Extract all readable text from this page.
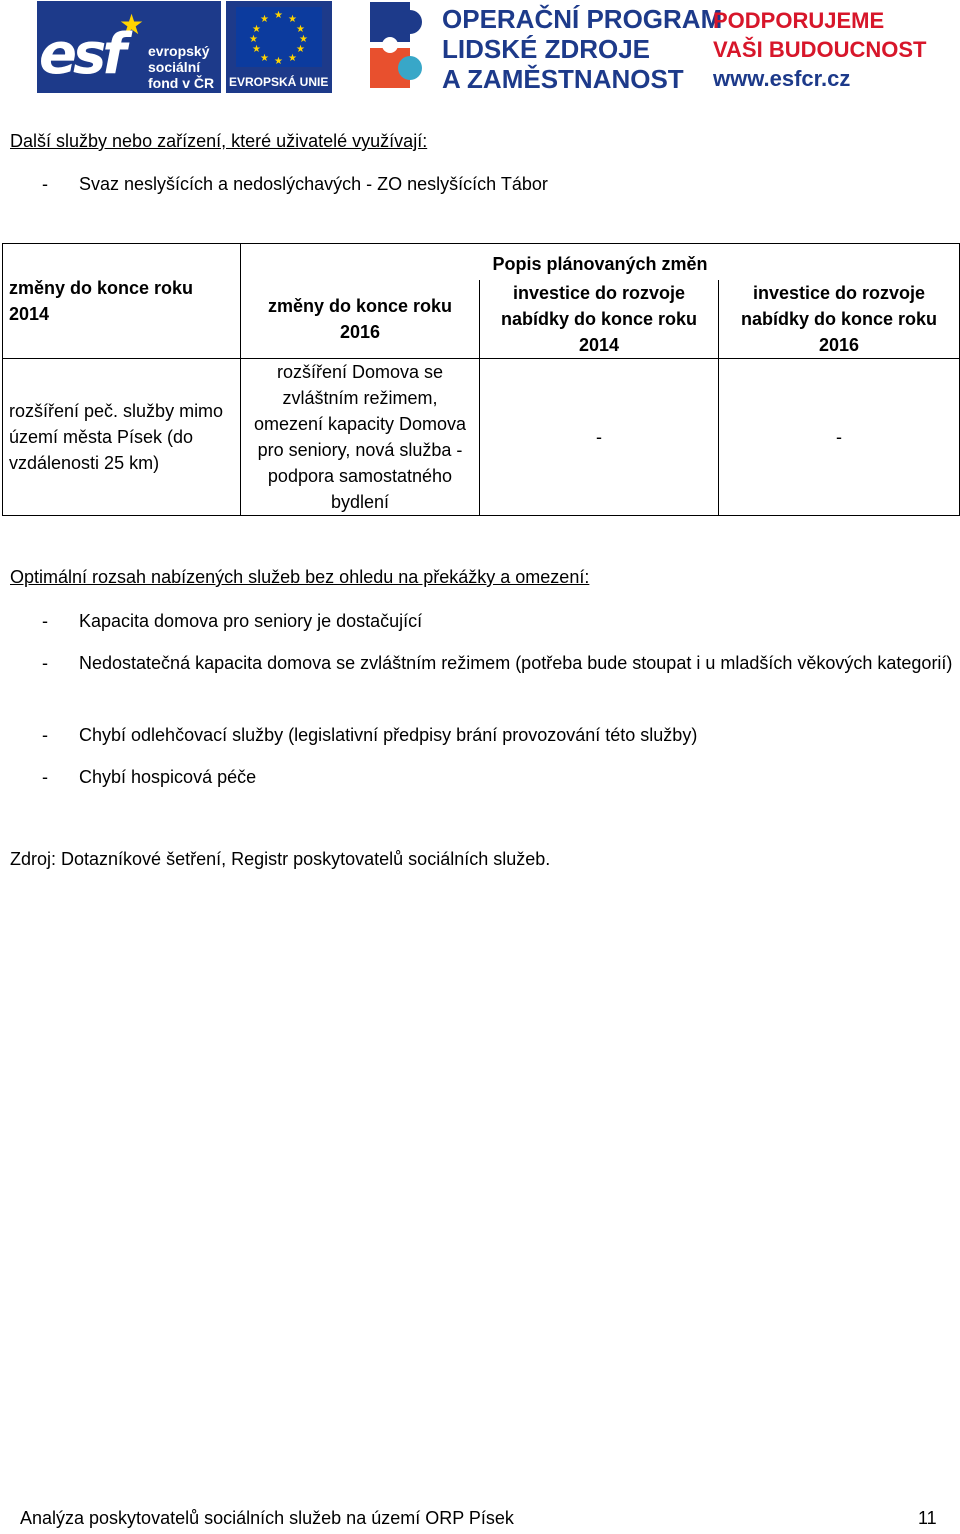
★
esf evropský
sociální
fond v ČR
★ ★
★
★
★
★
★
★
★
★
★
★
EVROPSKÁ UNIE
OPERAČNÍ PROGRAM
LIDSKÉ ZDROJE
A ZAMĚSTNANOST
PODPORUJEME
VAŠI BUDOUCNOST
www.esfcr.cz
Další služby nebo zařízení, které uživatelé využívají:
- Svaz neslyšících a nedoslýchavých - ZO neslyšících Tábor
změny do konce roku 2014	Popis plánovaných změn		
	změny do konce roku 2016	investice do rozvoje nabídky do konce roku 2014	investice do rozvoje nabídky do konce roku 2016
rozšíření peč. služby mimo území města Písek (do vzdálenosti 25 km)	rozšíření Domova se zvláštním režimem, omezení kapacity Domova pro seniory, nová služba - podpora samostatného bydlení	-	-
Optimální rozsah nabízených služeb bez ohledu na překážky a omezení:
- Kapacita domova pro seniory je dostačující
- Nedostatečná kapacita domova se zvláštním režimem (potřeba bude stoupat i u mladších věkových kategorií)
- Chybí odlehčovací služby (legislativní předpisy brání provozování této služby)
- Chybí hospicová péče
Zdroj: Dotazníkové šetření, Registr poskytovatelů sociálních služeb.
Analýza poskytovatelů sociálních služeb na území ORP Písek	11
